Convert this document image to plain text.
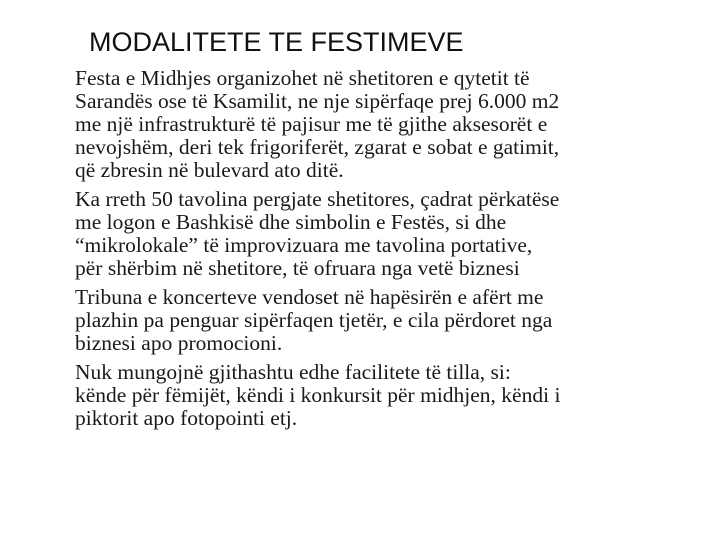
MODALITETE TE FESTIMEVE

Festa e Midhjes organizohet në shetitoren e qytetit të
Sarandës ose të Ksamilit, ne nje sipërfaqe prej 6.000 m2
me një infrastrukturë të pajisur me të gjithe aksesorët e
nevojshëm, deri tek frigoriferët, zgarat e sobat e gatimit,
që zbresin në bulevard ato ditë.

Ka rreth 50 tavolina pergjate shetitores, çadrat përkatëse
me logon e Bashkisë dhe simbolin e Festës, si dhe
“mikrolokale” të improvizuara me tavolina portative,
për shërbim në shetitore, të ofruara nga vetë biznesi

Tribuna e koncerteve vendoset në hapësirën e afërt me
plazhin pa penguar sipërfaqen tjetër, e cila përdoret nga
biznesi apo promocioni.

Nuk mungojnë gjithashtu edhe facilitete të tilla, si:
kënde për fëmijët, këndi i konkursit për midhjen, këndi i
piktorit apo fotopointi etj.
